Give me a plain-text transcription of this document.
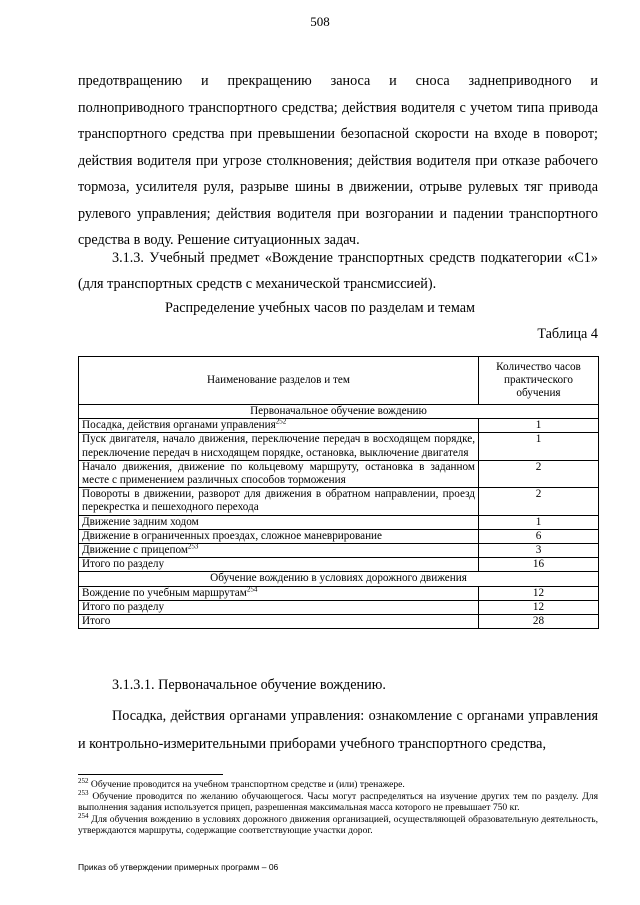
508
предотвращению и прекращению заноса и сноса заднеприводного и
полноприводного транспортного средства; действия водителя с учетом типа привода транспортного средства при превышении безопасной скорости на входе в поворот; действия водителя при угрозе столкновения; действия водителя при отказе рабочего тормоза, усилителя руля, разрыве шины в движении, отрыве рулевых тяг привода рулевого управления; действия водителя при возгорании и падении транспортного средства в воду. Решение ситуационных задач.
3.1.3. Учебный предмет «Вождение транспортных средств подкатегории «С1» (для транспортных средств с механической трансмиссией).
Распределение учебных часов по разделам и темам
Таблица 4
Наименование разделов и тем	Количество часов практического обучения
Первоначальное обучение вождению	
Посадка, действия органами управления$^{252}$	1
Пуск двигателя, начало движения, переключение передач в восходящем порядке, переключение передач в нисходящем порядке, остановка, выключение двигателя	1
Начало движения, движение по кольцевому маршруту, остановка в заданном месте с применением различных способов торможения	2
Повороты в движении, разворот для движения в обратном направлении, проезд перекрестка и пешеходного перехода	2
Движение задним ходом	1
Движение в ограниченных проездах, сложное маневрирование	6
Движение с прицепом$^{253}$	3
Итого по разделу	16
Обучение вождению в условиях дорожного движения	
Вождение по учебным маршрутам$^{254}$	12
Итого по разделу	12
Итого	28
3.1.3.1. Первоначальное обучение вождению.
Посадка, действия органами управления: ознакомление с органами управления и контрольно-измерительными приборами учебного транспортного средства,

$^{252}$ Обучение проводится на учебном транспортном средстве и (или) тренажере.

$^{253}$ Обучение проводится по желанию обучающегося. Часы могут распределяться на изучение других тем по разделу. Для выполнения задания используется прицеп, разрешенная максимальная масса которого не превышает 750 кг.

$^{254}$ Для обучения вождению в условиях дорожного движения организацией, осуществляющей образовательную деятельность, утверждаются маршруты, содержащие соответствующие участки дорог.

Приказ об утверждении примерных программ – 06
